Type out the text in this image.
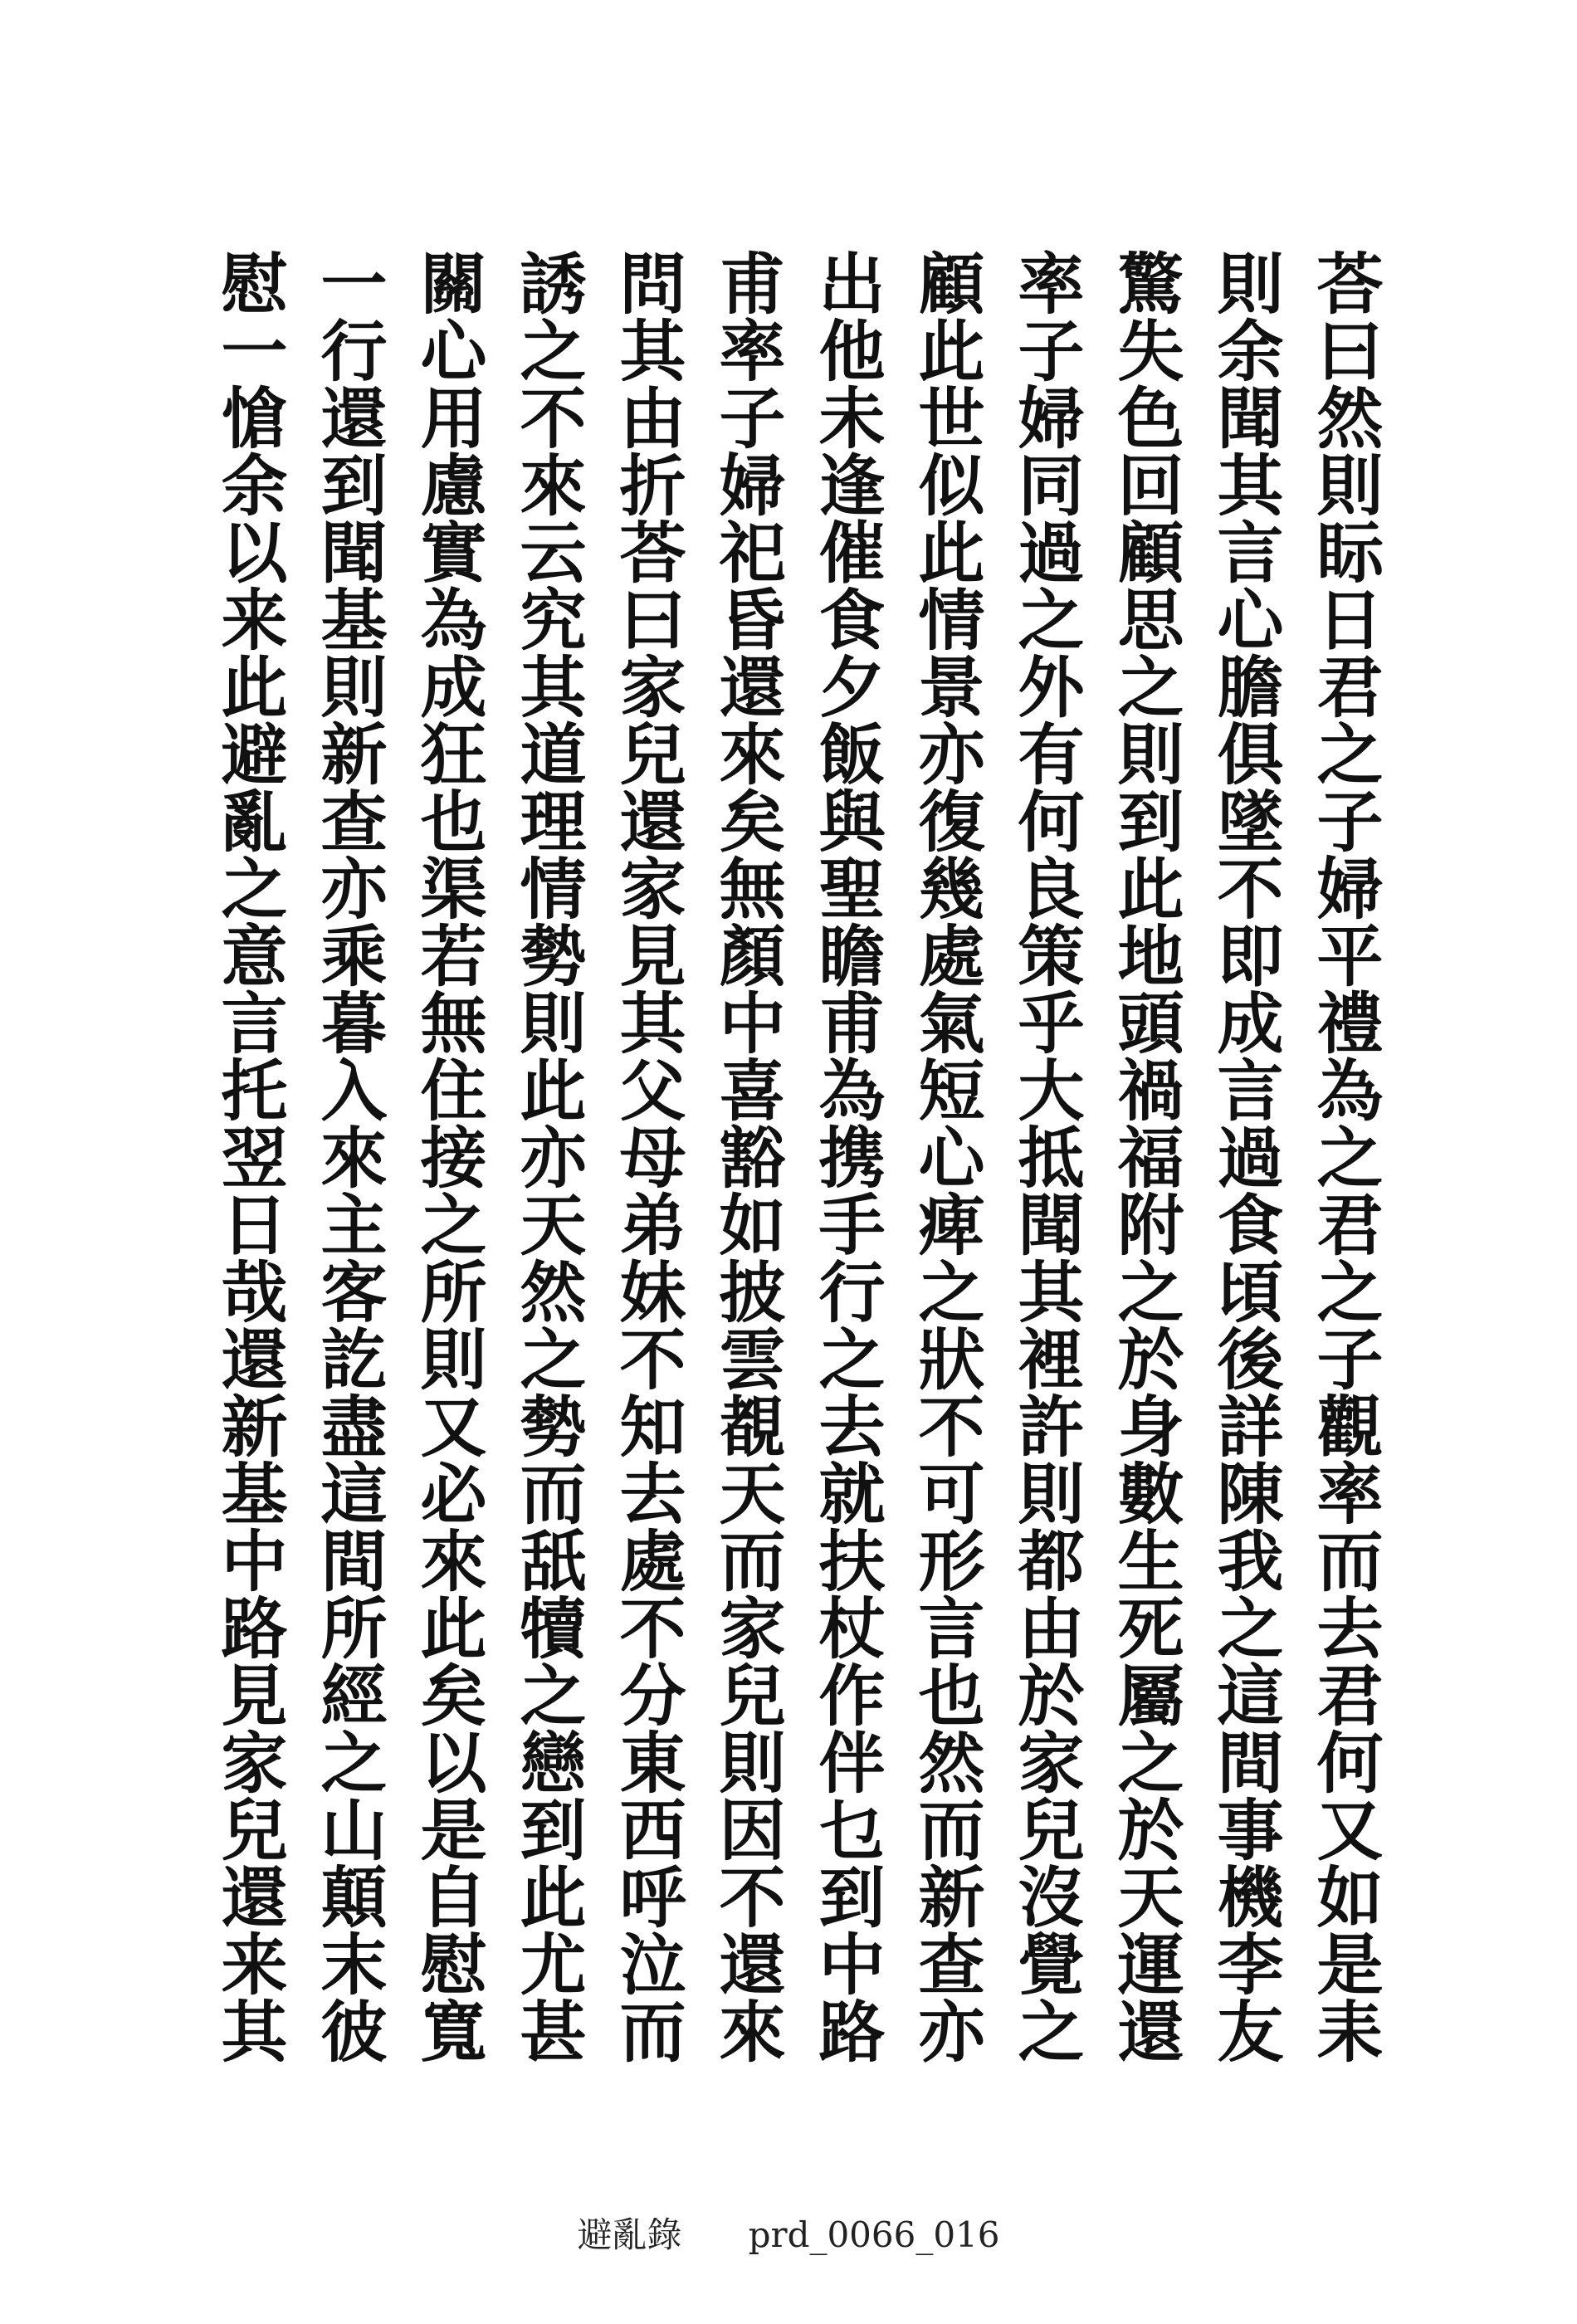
荅曰然則眎日君之子婦平禮為之君之子觀率而去君何又如是耒
則余聞其言心膽俱墜不即成言過食頃後詳陳我之這間事機李友
驚失色回顧思之則到此地頭禍福附之於身數生死屬之於天運還
率子婦同過之外有何良策乎大抵聞其裡許則都由於家兒沒覺之
顧此世似此情景亦復幾處氣短心痺之狀不可形言也然而新查亦
出他未逢催食夕飯與聖瞻甫為携手行之去就扶杖作伴乜到中路
甫率子婦祀昏還來矣無顏中喜豁如披雲覩天而家兒則因不還來
問其由折荅曰家兒還家見其父母弟妹不知去處不分東西呼泣而
誘之不來云究其道理情勢則此亦天然之勢而舐犢之戀到此尤甚
關心用慮實為成狂也渠若無住接之所則又必來此矣以是自慰寬
一行還到聞基則新查亦乘暮入來主客訖盡這間所經之山顛末彼
慰一愴余以来此避亂之意言托翌日哉還新基中路見家兒還来其
避亂錄 prd_0066_016
